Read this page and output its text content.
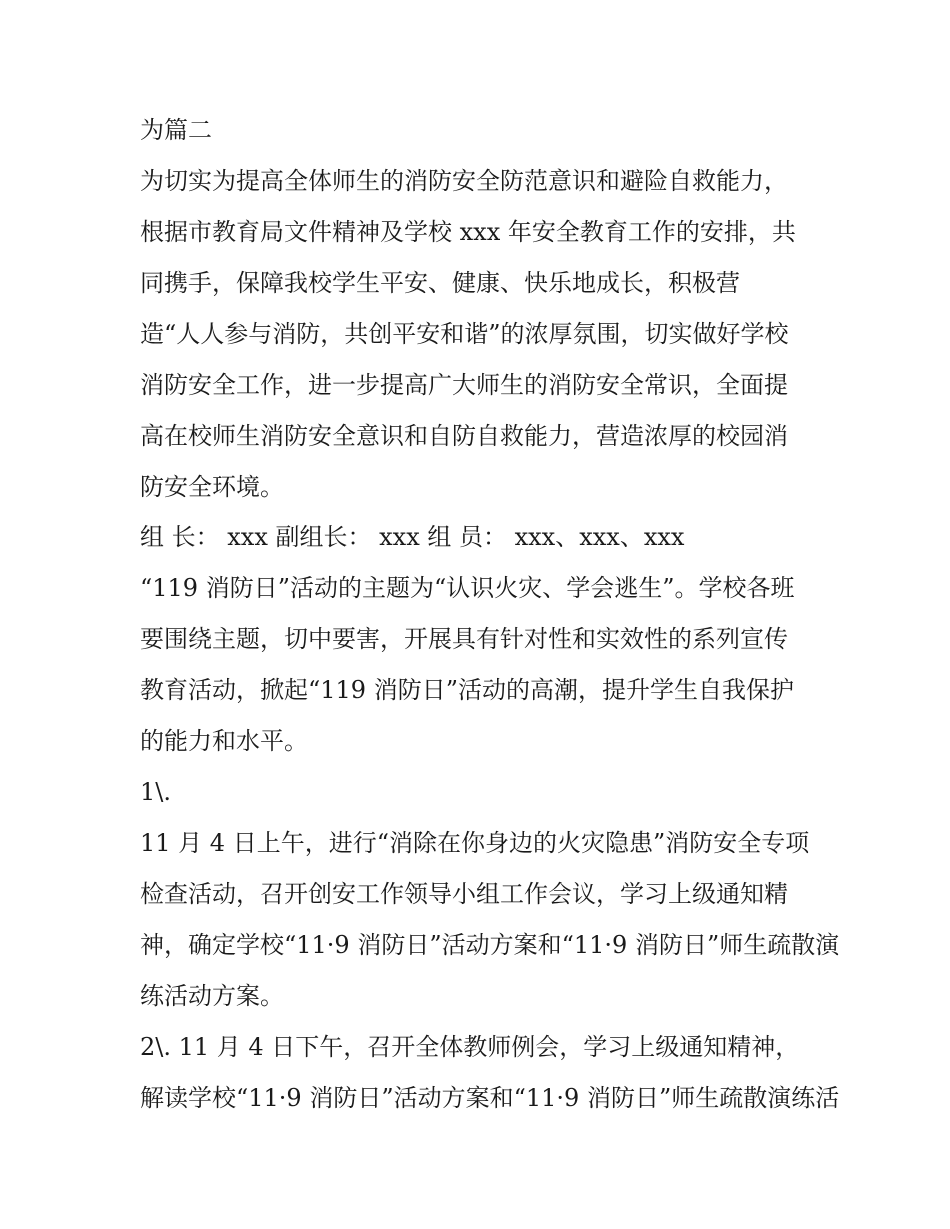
为篇二
为切实为提高全体师生的消防安全防范意识和避险自救能力，
根据市教育局文件精神及学校 xxx 年安全教育工作的安排，共
同携手，保障我校学生平安、健康、快乐地成长，积极营
造“人人参与消防，共创平安和谐”的浓厚氛围，切实做好学校
消防安全工作，进一步提高广大师生的消防安全常识，全面提
高在校师生消防安全意识和自防自救能力，营造浓厚的校园消
防安全环境。
组 长： xxx 副组长： xxx 组 员： xxx、xxx、xxx
“119 消防日”活动的主题为“认识火灾、学会逃生”。学校各班
要围绕主题，切中要害，开展具有针对性和实效性的系列宣传
教育活动，掀起“119 消防日”活动的高潮，提升学生自我保护
的能力和水平。
1\.
11 月 4 日上午，进行“消除在你身边的火灾隐患”消防安全专项
检查活动，召开创安工作领导小组工作会议，学习上级通知精
神，确定学校“11·9 消防日”活动方案和“11·9 消防日”师生疏散演
练活动方案。
2\. 11 月 4 日下午，召开全体教师例会，学习上级通知精神，
解读学校“11·9 消防日”活动方案和“11·9 消防日”师生疏散演练活
